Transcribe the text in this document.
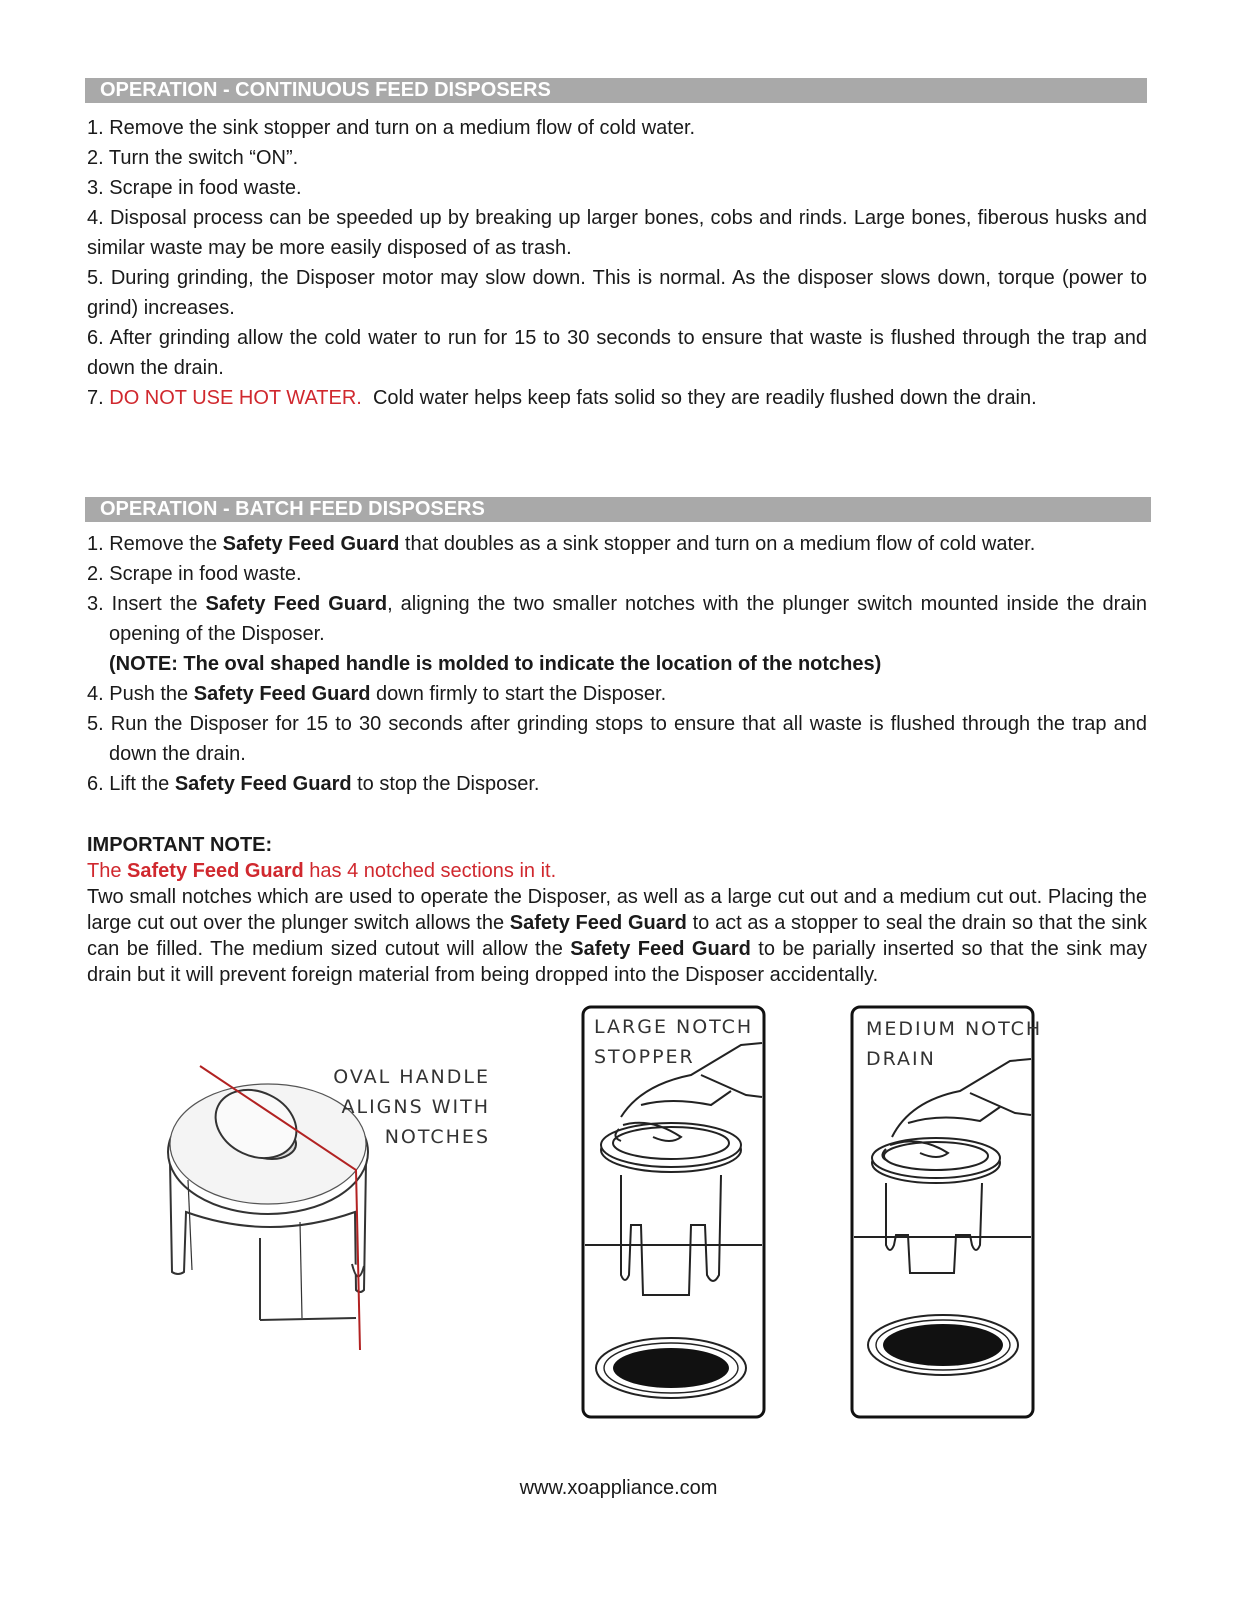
OPERATION - CONTINUOUS FEED DISPOSERS

1. Remove the sink stopper and turn on a medium flow of cold water.

2. Turn the switch “ON”.

3. Scrape in food waste.

4. Disposal process can be speeded up by breaking up larger bones, cobs and rinds. Large bones, fiberous husks and similar waste may be more easily disposed of as trash.

5. During grinding, the Disposer motor may slow down. This is normal. As the disposer slows down, torque (power to grind) increases.

6. After grinding allow the cold water to run for 15 to 30 seconds to ensure that waste is flushed through the trap and down the drain.

7. DO NOT USE HOT WATER.  Cold water helps keep fats solid so they are readily flushed down the drain.

OPERATION - BATCH FEED DISPOSERS

1. Remove the Safety Feed Guard that doubles as a sink stopper and turn on a medium flow of cold water.

2. Scrape in food waste.

3. Insert the Safety Feed Guard, aligning the two smaller notches with the plunger switch mounted inside the drain opening of the Disposer.

(NOTE: The oval shaped handle is molded to indicate the location of the notches)

4. Push the Safety Feed Guard down firmly to start the Disposer.

5. Run the Disposer for 15 to 30 seconds after grinding stops to ensure that all waste is flushed through the trap and down the drain.

6. Lift the Safety Feed Guard to stop the Disposer.

IMPORTANT NOTE:
The Safety Feed Guard has 4 notched sections in it.
Two small notches which are used to operate the Disposer, as well as a large cut out and a medium cut out. Placing the large cut out over the plunger switch allows the Safety Feed Guard to act as a stopper to seal the drain so that the sink can be filled. The medium sized cutout will allow the Safety Feed Guard to be parially inserted so that the sink may drain but it will prevent foreign material from being dropped into the Disposer accidentally.
OVAL HANDLE
ALIGNS WITH
NOTCHES
LARGE NOTCH
STOPPER
MEDIUM NOTCH
DRAIN
www.xoappliance.com
